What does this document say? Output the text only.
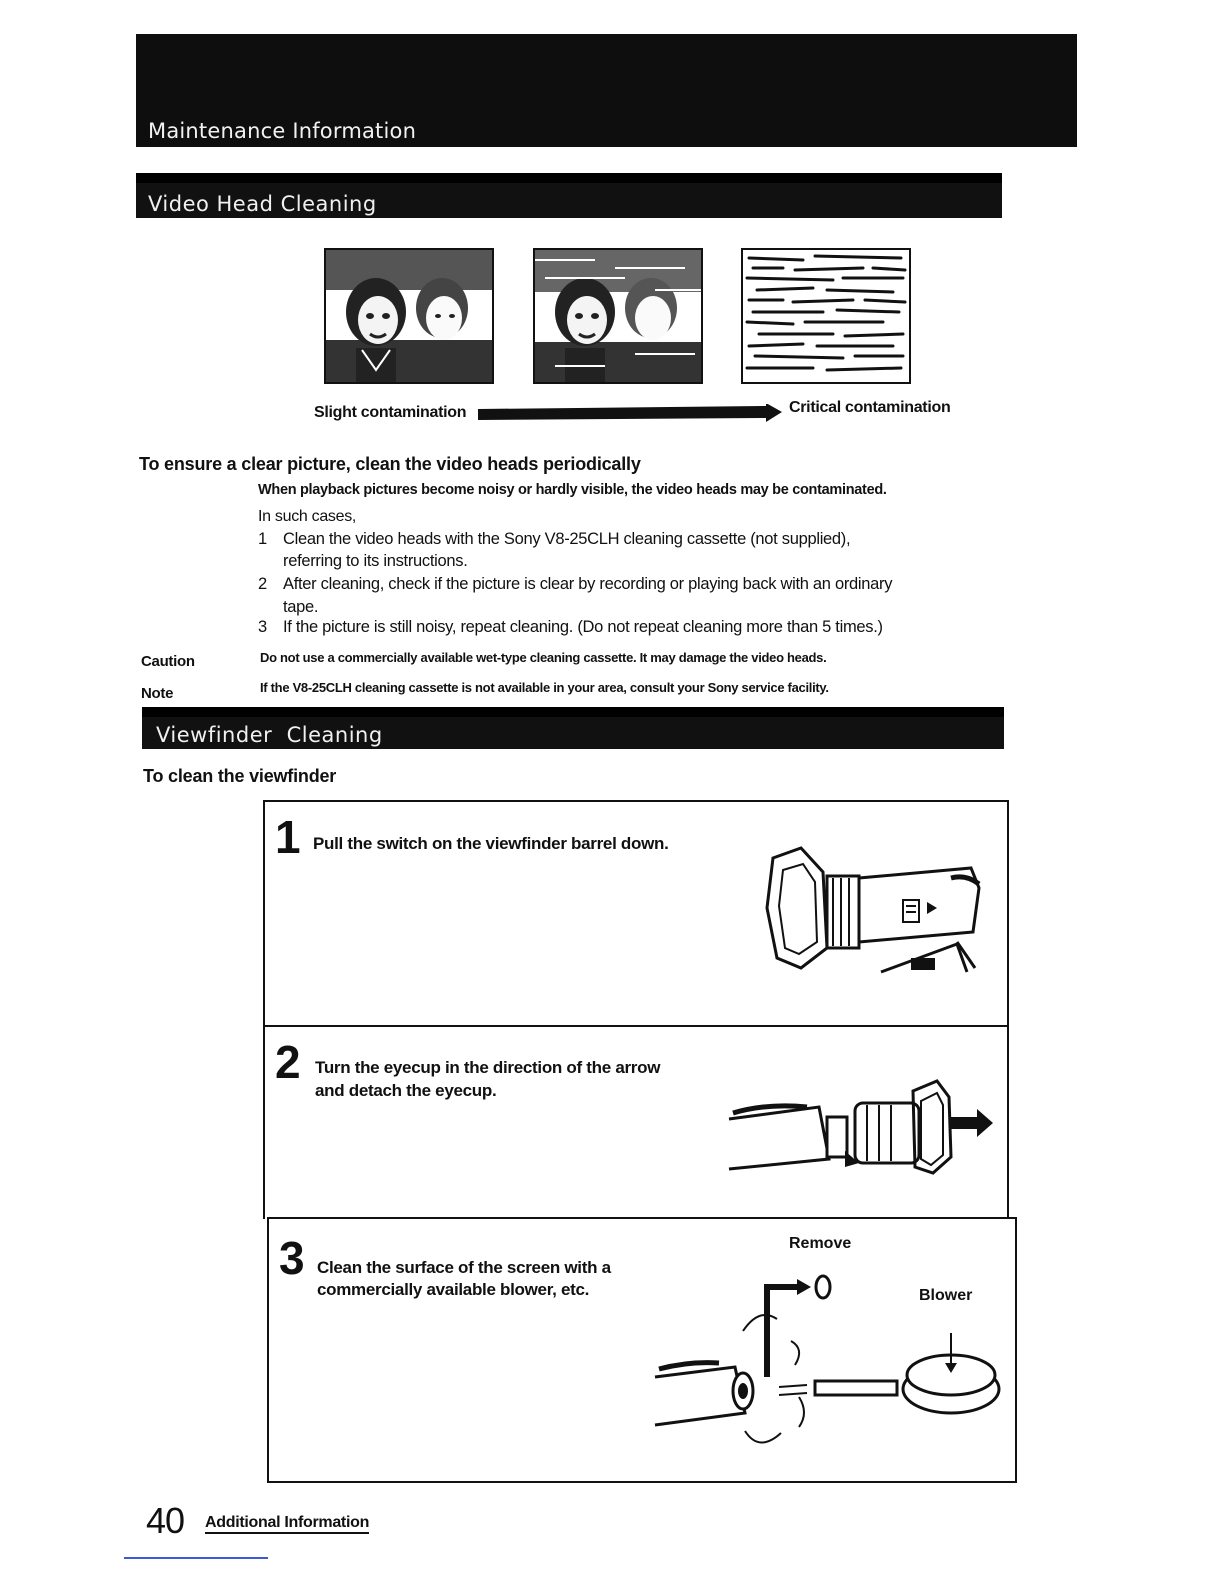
Maintenance Information
Video Head Cleaning
Slight contamination	Critical contamination
To ensure a clear picture, clean the video heads periodically
When playback pictures become noisy or hardly visible, the video heads may be contaminated.
In such cases,
1 Clean the video heads with the Sony V8-25CLH cleaning cassette (not supplied),
referring to its instructions.
2 After cleaning, check if the picture is clear by recording or playing back with an ordinary
tape.
3 If the picture is still noisy, repeat cleaning. (Do not repeat cleaning more than 5 times.)
Caution	Do not use a commercially available wet-type cleaning cassette. It may damage the video heads.
Note	If the V8-25CLH cleaning cassette is not available in your area, consult your Sony service facility.
Viewfinder  Cleaning
To clean the viewfinder
1 Pull the switch on the viewfinder barrel down.
2 Turn the eyecup in the direction of the arrow
and detach the eyecup.
3 Clean the surface of the screen with a
commercially available blower, etc.
Remove
Blower
40 Additional Information
